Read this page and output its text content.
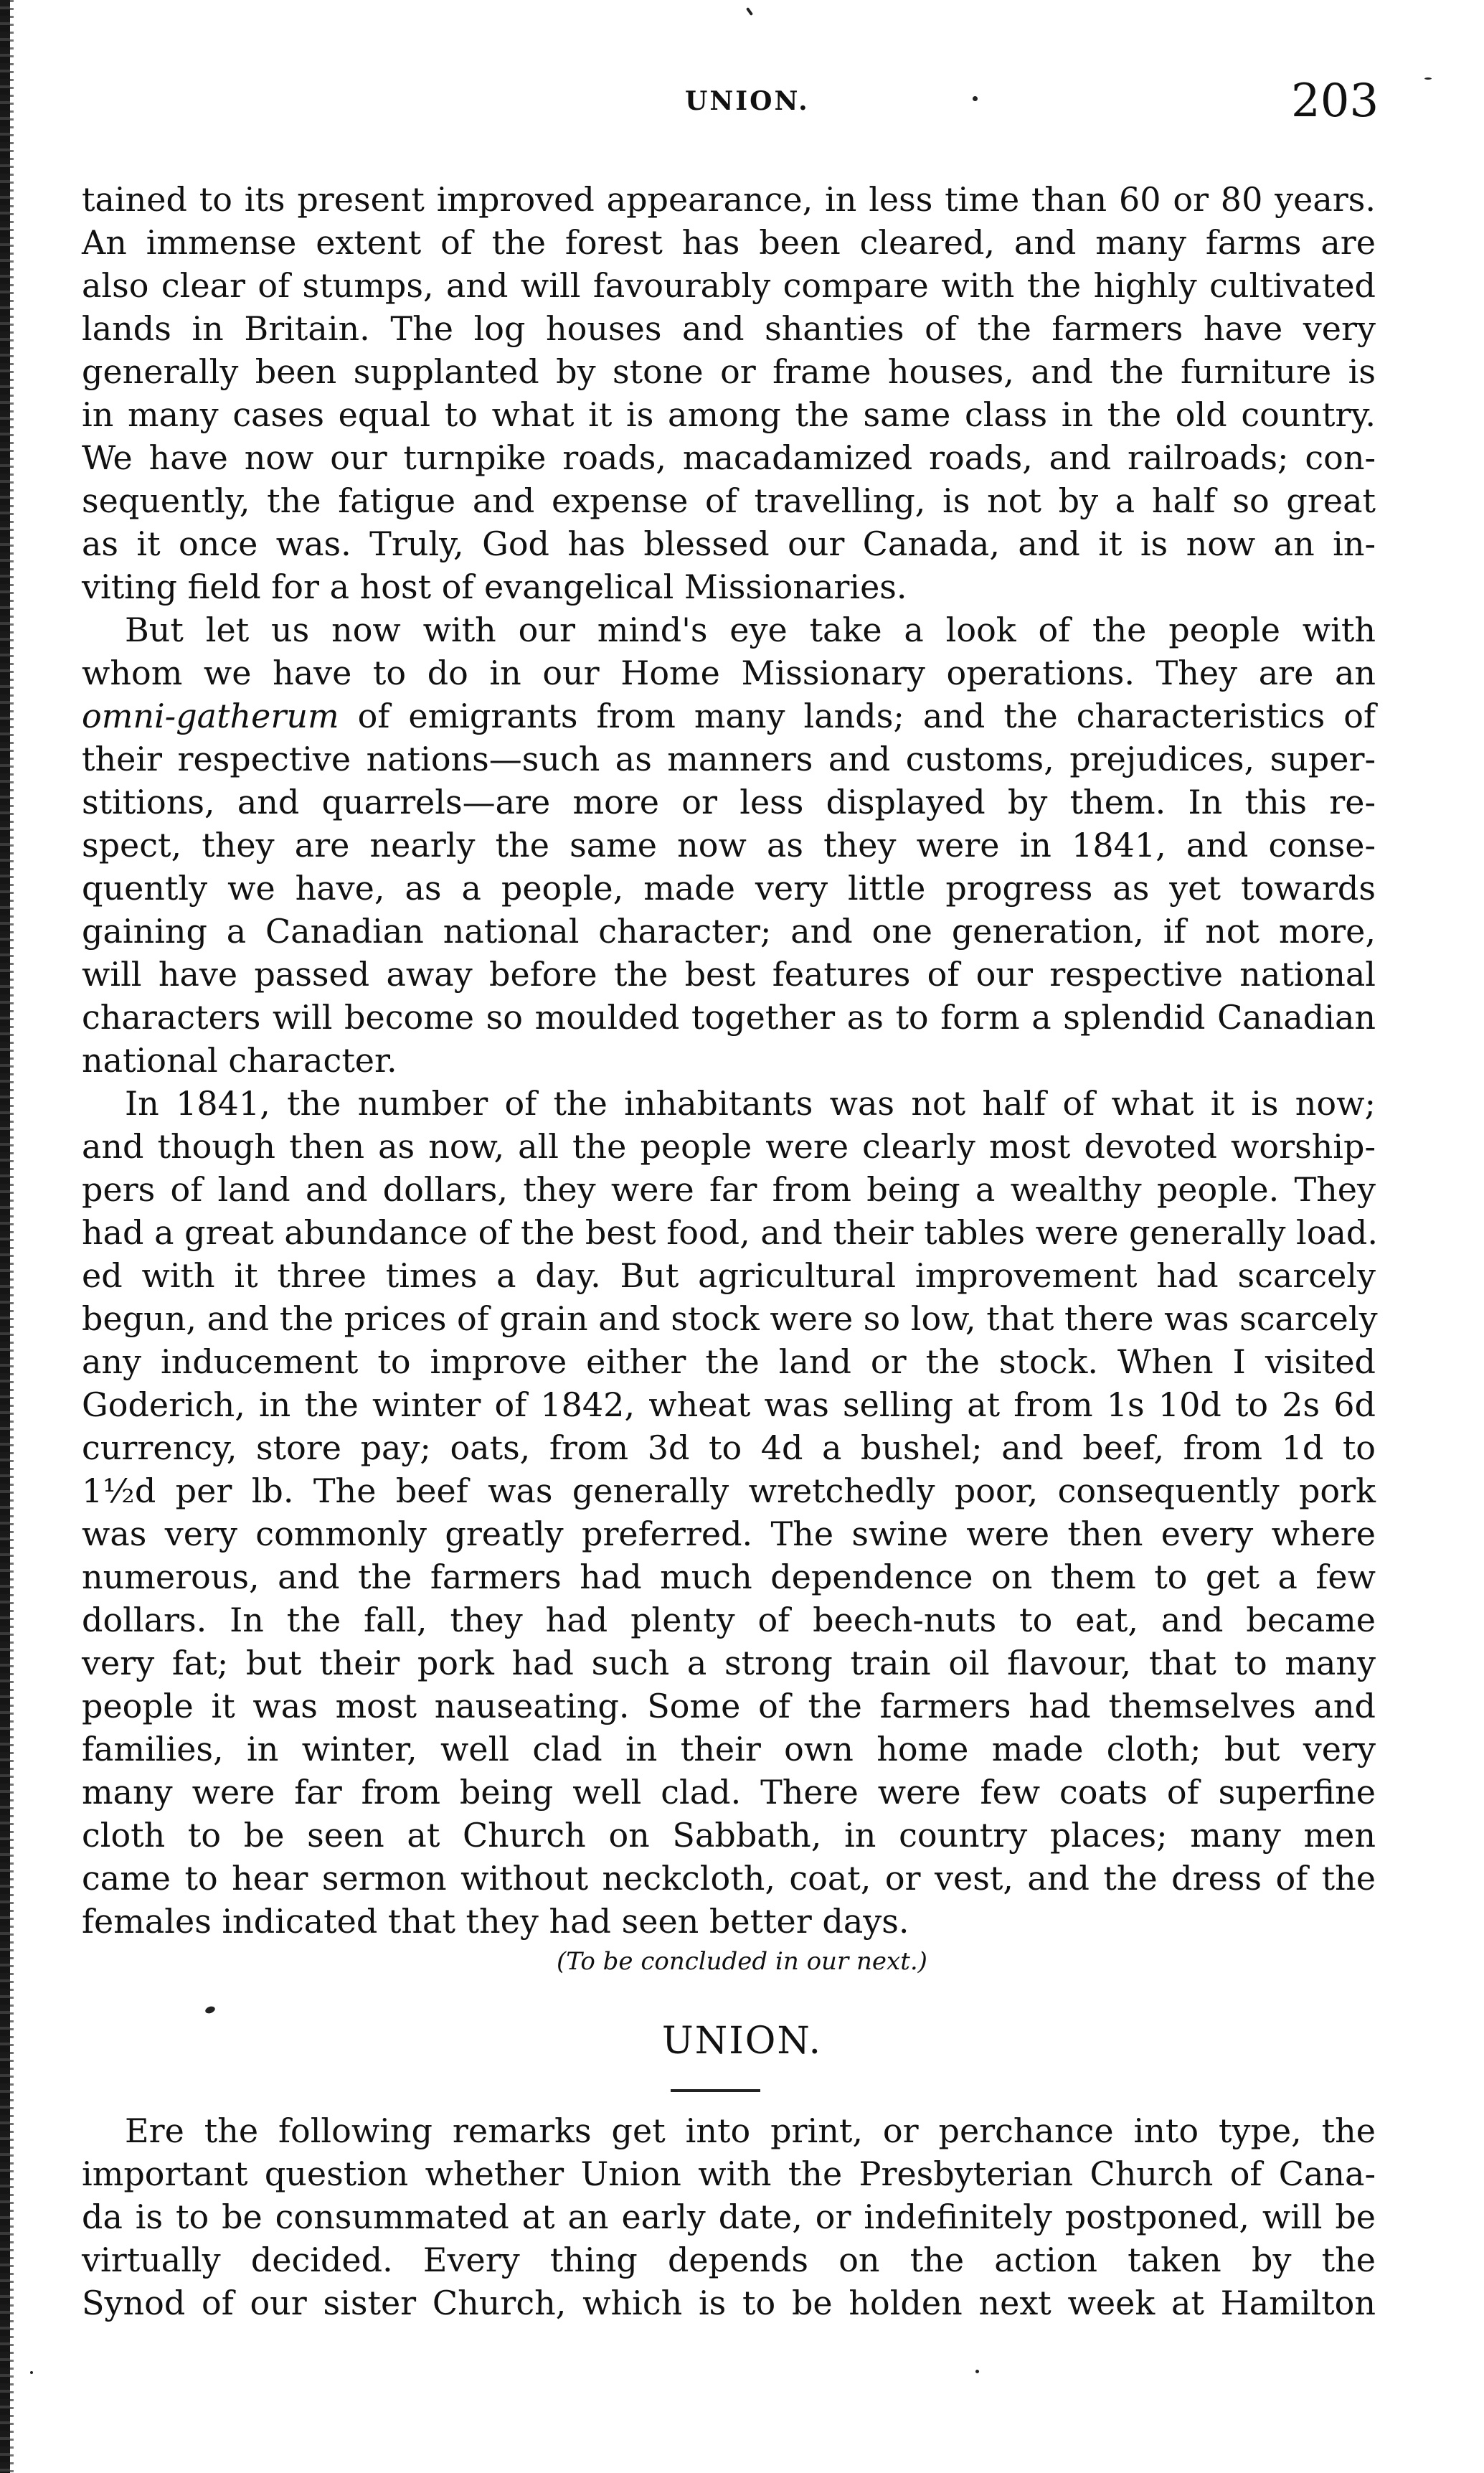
UNION.	203
tained to its present improved appearance, in less time than 60 or 80 years.
An immense extent of the forest has been cleared, and many farms are
also clear of stumps, and will favourably compare with the highly cultivated
lands in Britain. The log houses and shanties of the farmers have very
generally been supplanted by stone or frame houses, and the furniture is
in many cases equal to what it is among the same class in the old country.
We have now our turnpike roads, macadamized roads, and railroads; con-
sequently, the fatigue and expense of travelling, is not by a half so great
as it once was. Truly, God has blessed our Canada, and it is now an in-
viting field for a host of evangelical Missionaries.
But let us now with our mind's eye take a look of the people with
whom we have to do in our Home Missionary operations. They are an
omni-gatherum of emigrants from many lands; and the characteristics of
their respective nations—such as manners and customs, prejudices, super-
stitions, and quarrels—are more or less displayed by them. In this re-
spect, they are nearly the same now as they were in 1841, and conse-
quently we have, as a people, made very little progress as yet towards
gaining a Canadian national character; and one generation, if not more,
will have passed away before the best features of our respective national
characters will become so moulded together as to form a splendid Canadian
national character.
In 1841, the number of the inhabitants was not half of what it is now;
and though then as now, all the people were clearly most devoted worship-
pers of land and dollars, they were far from being a wealthy people. They
had a great abundance of the best food, and their tables were generally load.
ed with it three times a day. But agricultural improvement had scarcely
begun, and the prices of grain and stock were so low, that there was scarcely
any inducement to improve either the land or the stock. When I visited
Goderich, in the winter of 1842, wheat was selling at from 1s 10d to 2s 6d
currency, store pay; oats, from 3d to 4d a bushel; and beef, from 1d to
1½d per lb. The beef was generally wretchedly poor, consequently pork
was very commonly greatly preferred. The swine were then every where
numerous, and the farmers had much dependence on them to get a few
dollars. In the fall, they had plenty of beech-nuts to eat, and became
very fat; but their pork had such a strong train oil flavour, that to many
people it was most nauseating. Some of the farmers had themselves and
families, in winter, well clad in their own home made cloth; but very
many were far from being well clad. There were few coats of superfine
cloth to be seen at Church on Sabbath, in country places; many men
came to hear sermon without neckcloth, coat, or vest, and the dress of the
females indicated that they had seen better days.
(To be concluded in our next.)
UNION.
Ere the following remarks get into print, or perchance into type, the
important question whether Union with the Presbyterian Church of Cana-
da is to be consummated at an early date, or indefinitely postponed, will be
virtually decided. Every thing depends on the action taken by the
Synod of our sister Church, which is to be holden next week at Hamilton
